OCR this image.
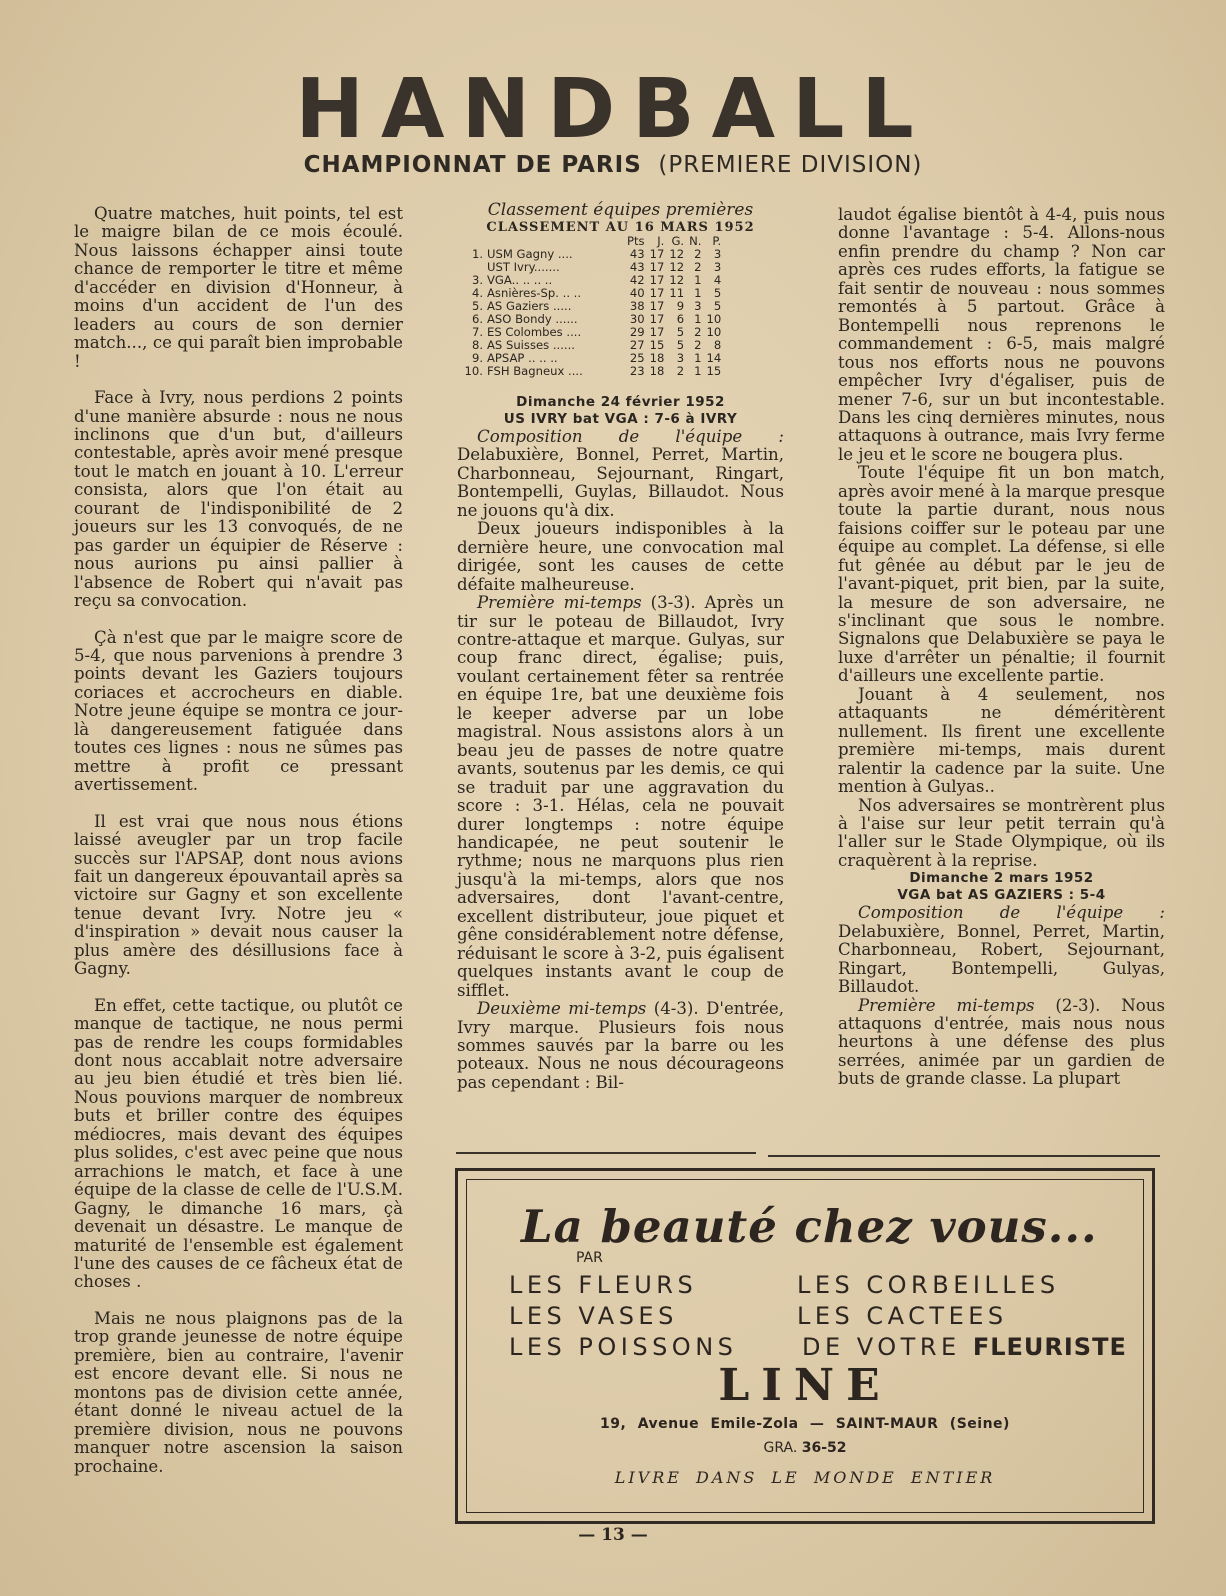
HANDBALL
CHAMPIONNAT DE PARIS (PREMIERE DIVISION)

Quatre matches, huit points, tel est le maigre bilan de ce mois écoulé. Nous laissons échapper ainsi toute chance de remporter le titre et même d'accéder en division d'Honneur, à moins d'un accident de l'un des leaders au cours de son dernier match..., ce qui paraît bien improbable !

Face à Ivry, nous perdions 2 points d'une manière absurde : nous ne nous inclinons que d'un but, d'ailleurs contestable, après avoir mené presque tout le match en jouant à 10. L'erreur consista, alors que l'on était au courant de l'indisponibilité de 2 joueurs sur les 13 convoqués, de ne pas garder un équipier de Réserve : nous aurions pu ainsi pallier à l'absence de Robert qui n'avait pas reçu sa convocation.

Çà n'est que par le maigre score de 5-4, que nous parvenions à prendre 3 points devant les Gaziers toujours coriaces et accrocheurs en diable. Notre jeune équipe se montra ce jour-là dangereusement fatiguée dans toutes ces lignes : nous ne sûmes pas mettre à profit ce pressant avertissement.

Il est vrai que nous nous étions laissé aveugler par un trop facile succès sur l'APSAP, dont nous avions fait un dangereux épouvantail après sa victoire sur Gagny et son excellente tenue devant Ivry. Notre jeu « d'inspiration » devait nous causer la plus amère des désillusions face à Gagny.

En effet, cette tactique, ou plutôt ce manque de tactique, ne nous permi pas de rendre les coups formidables dont nous accablait notre adversaire au jeu bien étudié et très bien lié. Nous pouvions marquer de nombreux buts et briller contre des équipes médiocres, mais devant des équipes plus solides, c'est avec peine que nous arrachions le match, et face à une équipe de la classe de celle de l'U.S.M. Gagny, le dimanche 16 mars, çà devenait un désastre. Le manque de maturité de l'ensemble est également l'une des causes de ce fâcheux état de choses .

Mais ne nous plaignons pas de la trop grande jeunesse de notre équipe première, bien au contraire, l'avenir est encore devant elle. Si nous ne montons pas de division cette année, étant donné le niveau actuel de la première division, nous ne pouvons manquer notre ascension la saison prochaine.

Classement équipes premières
CLASSEMENT AU 16 MARS 1952
		Pts	J.	G.	N.	P.
1.	USM Gagny ....	43	17	12	2	3
	UST Ivry.......	43	17	12	2	3
3.	VGA.. .. .. ..	42	17	12	1	4
4.	Asnières-Sp. .. ..	40	17	11	1	5
5.	AS Gaziers .....	38	17	9	3	5
6.	ASO Bondy ......	30	17	6	1	10
7.	ES Colombes ....	29	17	5	2	10
8.	AS Suisses ......	27	15	5	2	8
9.	APSAP .. .. ..	25	18	3	1	14
10.	FSH Bagneux ....	23	18	2	1	15
Dimanche 24 février 1952
US IVRY bat VGA : 7-6 à IVRY

Composition de l'équipe : Delabuxière, Bonnel, Perret, Martin, Charbonneau, Sejournant, Ringart, Bontempelli, Guylas, Billaudot. Nous ne jouons qu'à dix.

Deux joueurs indisponibles à la dernière heure, une convocation mal dirigée, sont les causes de cette défaite malheureuse.

Première mi-temps (3-3). Après un tir sur le poteau de Billaudot, Ivry contre-attaque et marque. Gulyas, sur coup franc direct, égalise; puis, voulant certainement fêter sa rentrée en équipe 1re, bat une deuxième fois le keeper adverse par un lobe magistral. Nous assistons alors à un beau jeu de passes de notre quatre avants, soutenus par les demis, ce qui se traduit par une aggravation du score : 3-1. Hélas, cela ne pouvait durer longtemps : notre équipe handicapée, ne peut soutenir le rythme; nous ne marquons plus rien jusqu'à la mi-temps, alors que nos adversaires, dont l'avant-centre, excellent distributeur, joue piquet et gêne considérablement notre défense, réduisant le score à 3-2, puis égalisent quelques instants avant le coup de sifflet.

Deuxième mi-temps (4-3). D'entrée, Ivry marque. Plusieurs fois nous sommes sauvés par la barre ou les poteaux. Nous ne nous décourageons pas cependant : Bil-

laudot égalise bientôt à 4-4, puis nous donne l'avantage : 5-4. Allons-nous enfin prendre du champ ? Non car après ces rudes efforts, la fatigue se fait sentir de nouveau : nous sommes remontés à 5 partout. Grâce à Bontempelli nous reprenons le commandement : 6-5, mais malgré tous nos efforts nous ne pouvons empêcher Ivry d'égaliser, puis de mener 7-6, sur un but incontestable. Dans les cinq dernières minutes, nous attaquons à outrance, mais Ivry ferme le jeu et le score ne bougera plus.

Toute l'équipe fit un bon match, après avoir mené à la marque presque toute la partie durant, nous nous faisions coiffer sur le poteau par une équipe au complet. La défense, si elle fut gênée au début par le jeu de l'avant-piquet, prit bien, par la suite, la mesure de son adversaire, ne s'inclinant que sous le nombre. Signalons que Delabuxière se paya le luxe d'arrêter un pénaltie; il fournit d'ailleurs une excellente partie.

Jouant à 4 seulement, nos attaquants ne déméritèrent nullement. Ils firent une excellente première mi-temps, mais durent ralentir la cadence par la suite. Une mention à Gulyas..

Nos adversaires se montrèrent plus à l'aise sur leur petit terrain qu'à l'aller sur le Stade Olympique, où ils craquèrent à la reprise.

Dimanche 2 mars 1952
VGA bat AS GAZIERS : 5-4

Composition de l'équipe : Delabuxière, Bonnel, Perret, Martin, Charbonneau, Robert, Sejournant, Ringart, Bontempelli, Gulyas, Billaudot.

Première mi-temps (2-3). Nous attaquons d'entrée, mais nous nous heurtons à une défense des plus serrées, animée par un gardien de buts de grande classe. La plupart

La beauté chez vous...
PAR
LES FLEURS	LES CORBEILLES
LES VASES	LES CACTEES
LES POISSONS	DE VOTRE FLEURISTE
LINE
19, Avenue Emile-Zola — SAINT-MAUR (Seine)
GRA. 36-52
LIVRE DANS LE MONDE ENTIER
— 13 —
